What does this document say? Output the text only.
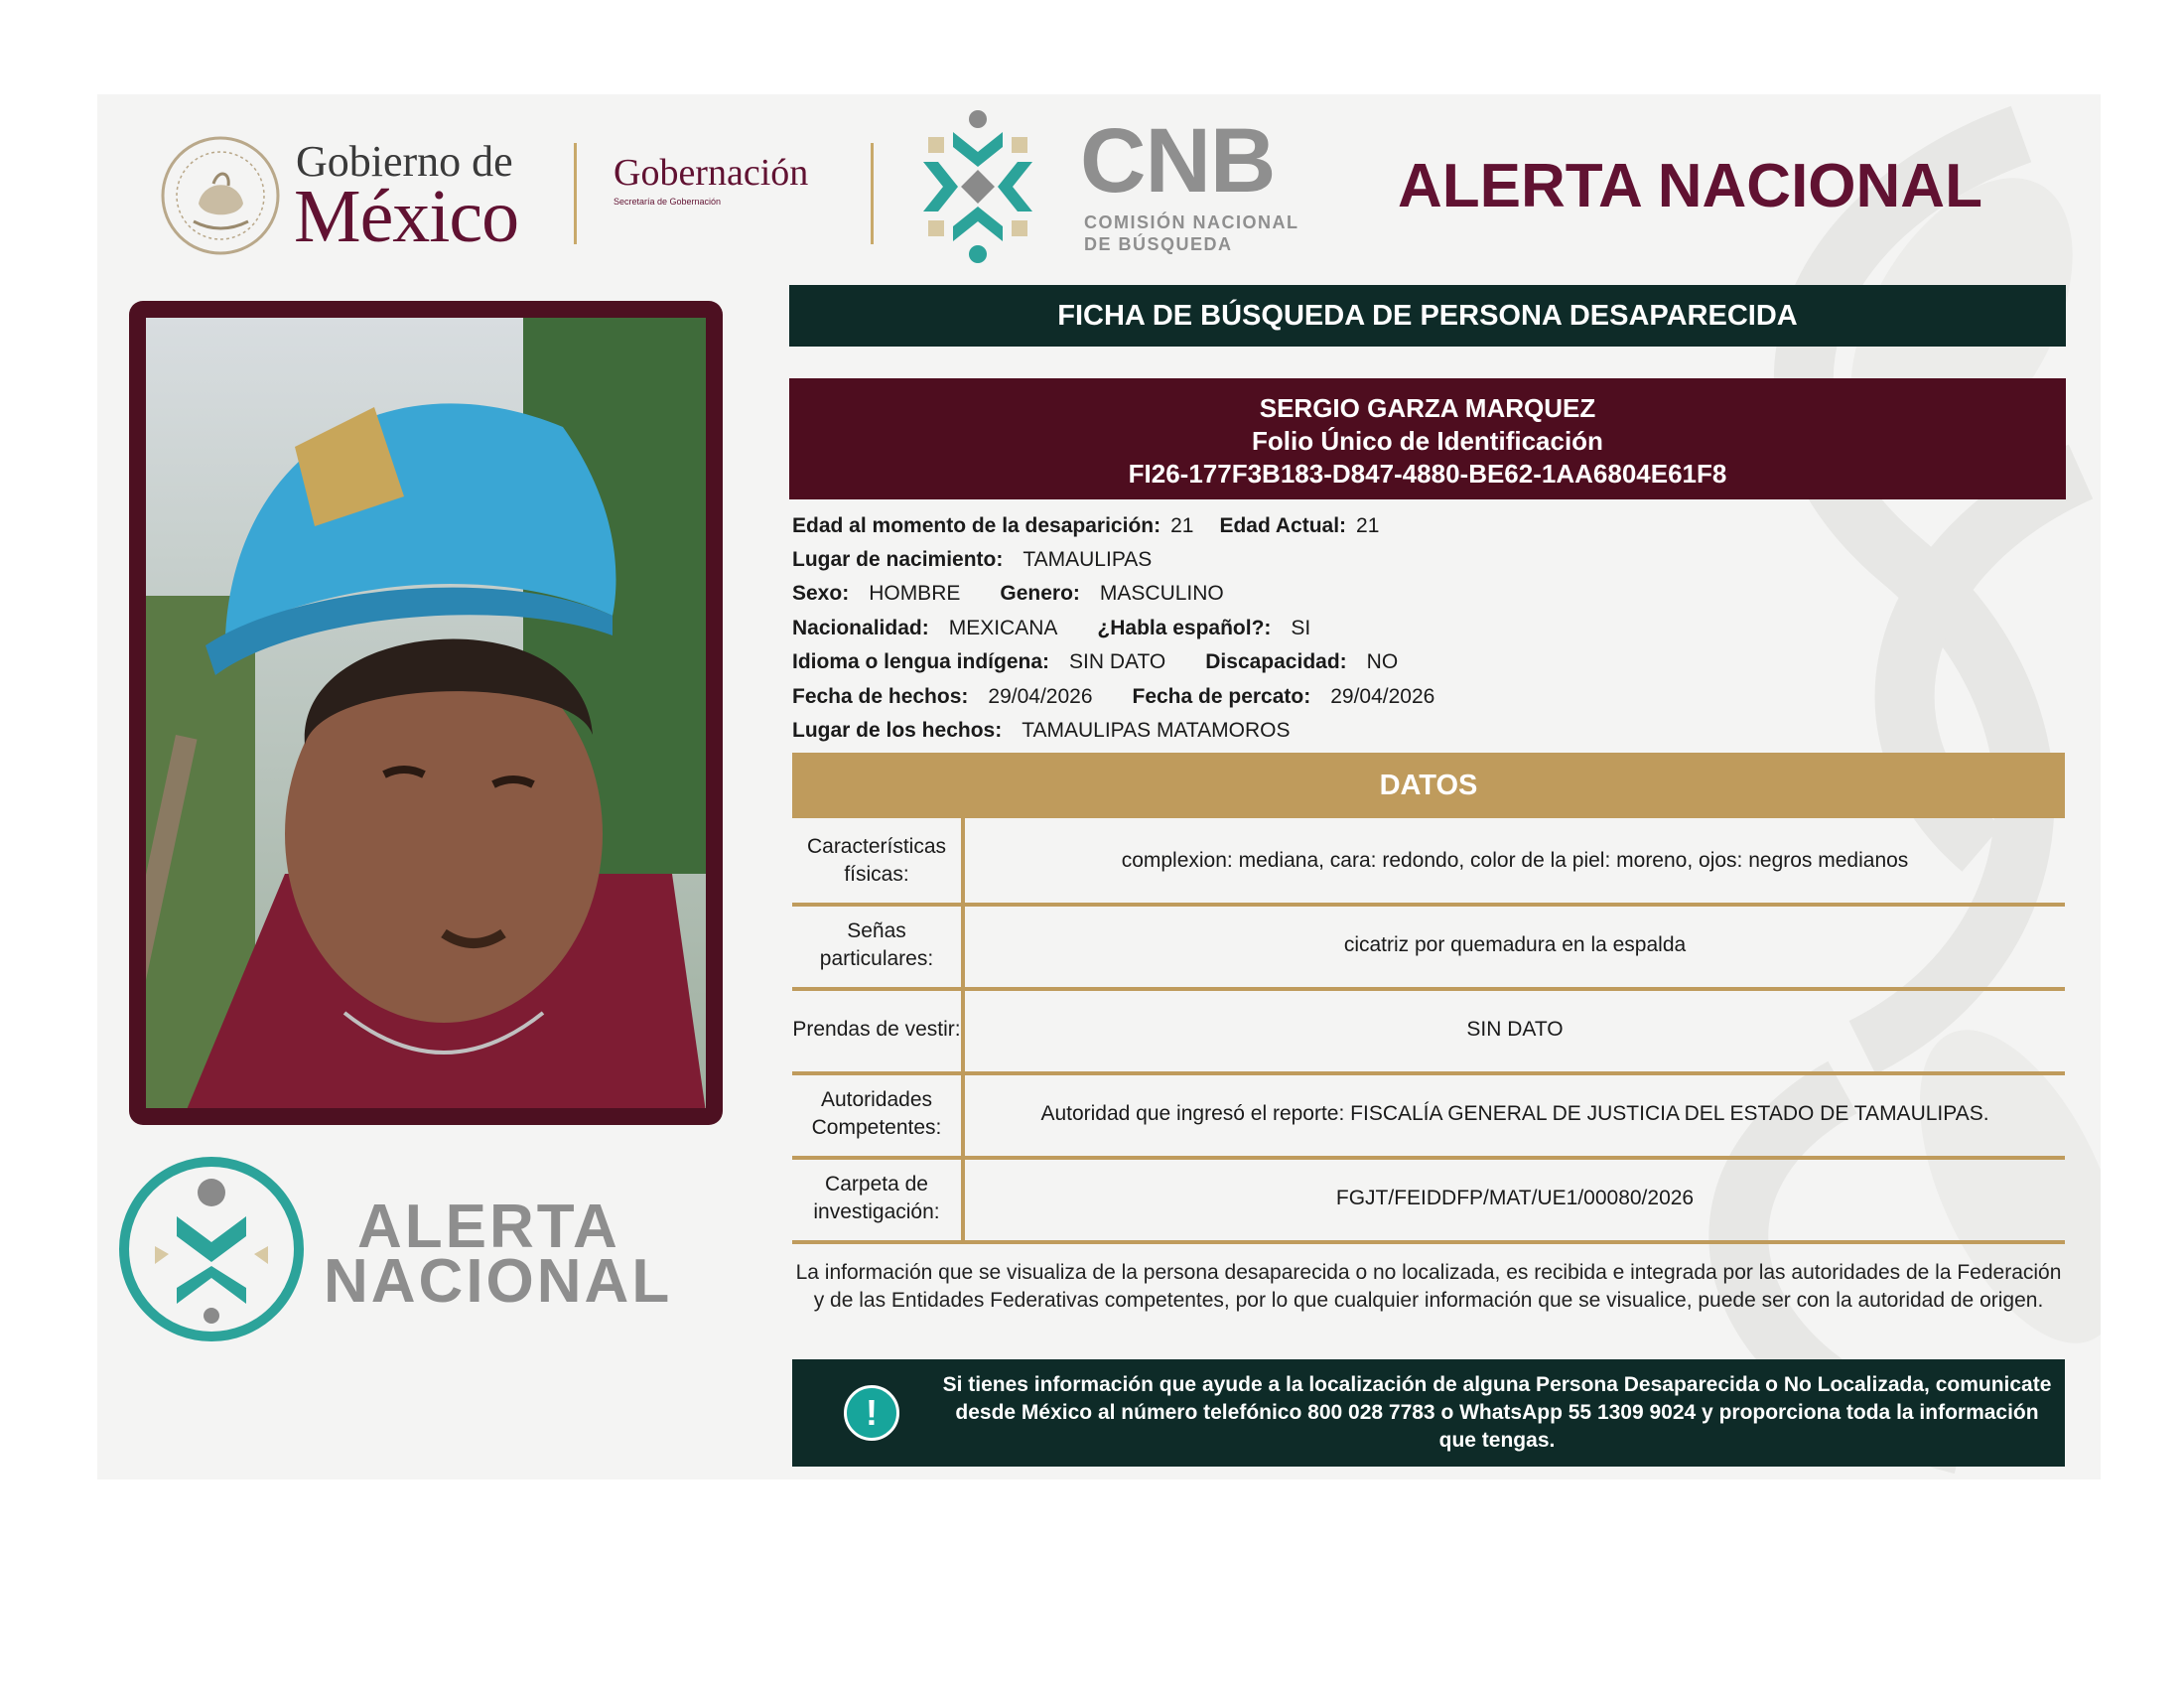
Gobierno de
México
Gobernación
Secretaría de Gobernación	CNB
COMISIÓN NACIONAL
DE BÚSQUEDA
ALERTA NACIONAL
ALERTA
NACIONAL
FICHA DE BÚSQUEDA DE PERSONA DESAPARECIDA
SERGIO GARZA MARQUEZ
Folio Único de Identificación
FI26-177F3B183-D847-4880-BE62-1AA6804E61F8
Edad al momento de la desaparición: 21 Edad Actual: 21
Lugar de nacimiento: TAMAULIPAS
Sexo: HOMBRE Genero: MASCULINO
Nacionalidad: MEXICANA ¿Habla español?: SI
Idioma o lengua indígena: SIN DATO Discapacidad: NO
Fecha de hechos: 29/04/2026 Fecha de percato: 29/04/2026
Lugar de los hechos: TAMAULIPAS MATAMOROS
DATOS
Características físicas:
complexion: mediana, cara: redondo, color de la piel: moreno, ojos: negros medianos
Señas particulares:
cicatriz por quemadura en la espalda
Prendas de vestir:	SIN DATO
Autoridades Competentes:
Autoridad que ingresó el reporte: FISCALÍA GENERAL DE JUSTICIA DEL ESTADO DE TAMAULIPAS.
Carpeta de investigación:
FGJT/FEIDDFP/MAT/UE1/00080/2026
La información que se visualiza de la persona desaparecida o no localizada, es recibida e integrada por las autoridades de la Federación y de las Entidades Federativas competentes, por lo que cualquier información que se visualice, puede ser con la autoridad de origen.
!
Si tienes información que ayude a la localización de alguna Persona Desaparecida o No Localizada, comunicate desde México al número telefónico 800 028 7783 o WhatsApp 55 1309 9024 y proporciona toda la información que tengas.
